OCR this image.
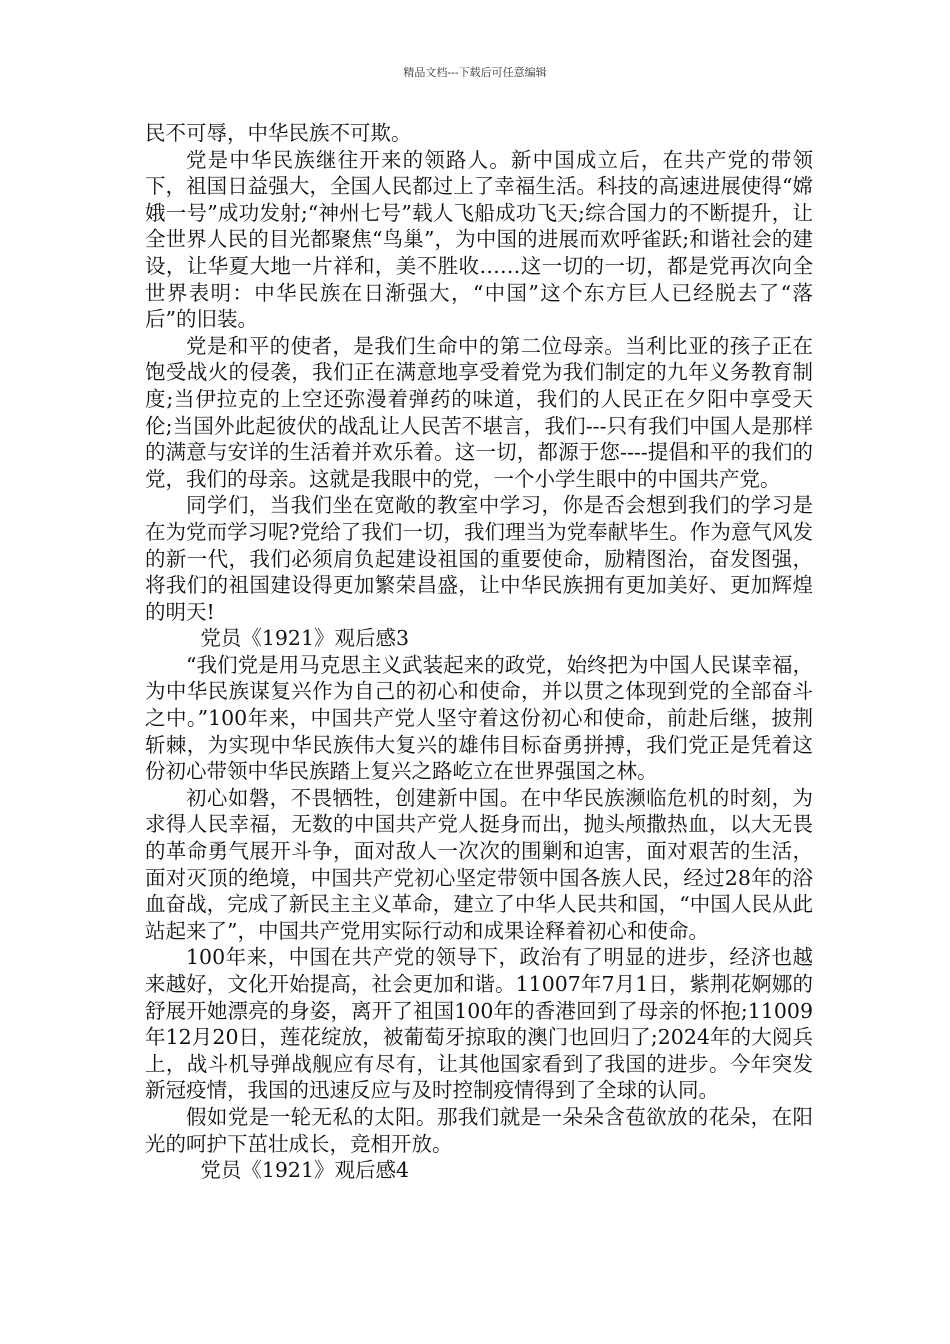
精品文档---下载后可任意编辑

民不可辱，中华民族不可欺。

党是中华民族继往开来的领路人。新中国成立后，在共产党的带领下，祖国日益强大，全国人民都过上了幸福生活。科技的高速进展使得“嫦娥一号”成功发射;“神州七号”载人飞船成功飞天;综合国力的不断提升，让全世界人民的目光都聚焦“鸟巢”，为中国的进展而欢呼雀跃;和谐社会的建设，让华夏大地一片祥和，美不胜收……这一切的一切，都是党再次向全世界表明：中华民族在日渐强大，“中国”这个东方巨人已经脱去了“落后”的旧装。

党是和平的使者，是我们生命中的第二位母亲。当利比亚的孩子正在饱受战火的侵袭，我们正在满意地享受着党为我们制定的九年义务教育制度;当伊拉克的上空还弥漫着弹药的味道，我们的人民正在夕阳中享受天伦;当国外此起彼伏的战乱让人民苦不堪言，我们---只有我们中国人是那样的满意与安详的生活着并欢乐着。这一切，都源于您----提倡和平的我们的党，我们的母亲。这就是我眼中的党，一个小学生眼中的中国共产党。

同学们，当我们坐在宽敞的教室中学习，你是否会想到我们的学习是在为党而学习呢?党给了我们一切，我们理当为党奉献毕生。作为意气风发的新一代，我们必须肩负起建设祖国的重要使命，励精图治，奋发图强，将我们的祖国建设得更加繁荣昌盛，让中华民族拥有更加美好、更加辉煌的明天!

党员《1921》观后感3

“我们党是用马克思主义武装起来的政党，始终把为中国人民谋幸福，为中华民族谋复兴作为自己的初心和使命，并以贯之体现到党的全部奋斗之中。”100年来，中国共产党人坚守着这份初心和使命，前赴后继，披荆斩棘，为实现中华民族伟大复兴的雄伟目标奋勇拼搏，我们党正是凭着这份初心带领中华民族踏上复兴之路屹立在世界强国之林。

初心如磐，不畏牺牲，创建新中国。在中华民族濒临危机的时刻，为求得人民幸福，无数的中国共产党人挺身而出，抛头颅撒热血，以大无畏的革命勇气展开斗争，面对敌人一次次的围剿和迫害，面对艰苦的生活，面对灭顶的绝境，中国共产党初心坚定带领中国各族人民，经过28年的浴血奋战，完成了新民主主义革命，建立了中华人民共和国，“中国人民从此站起来了”，中国共产党用实际行动和成果诠释着初心和使命。

100年来，中国在共产党的领导下，政治有了明显的进步，经济也越来越好，文化开始提高，社会更加和谐。11007年7月1日，紫荆花婀娜的舒展开她漂亮的身姿，离开了祖国100年的香港回到了母亲的怀抱;11009年12月20日，莲花绽放，被葡萄牙掠取的澳门也回归了;2024年的大阅兵上，战斗机导弹战舰应有尽有，让其他国家看到了我国的进步。今年突发新冠疫情，我国的迅速反应与及时控制疫情得到了全球的认同。

假如党是一轮无私的太阳。那我们就是一朵朵含苞欲放的花朵，在阳光的呵护下茁壮成长，竞相开放。

党员《1921》观后感4
